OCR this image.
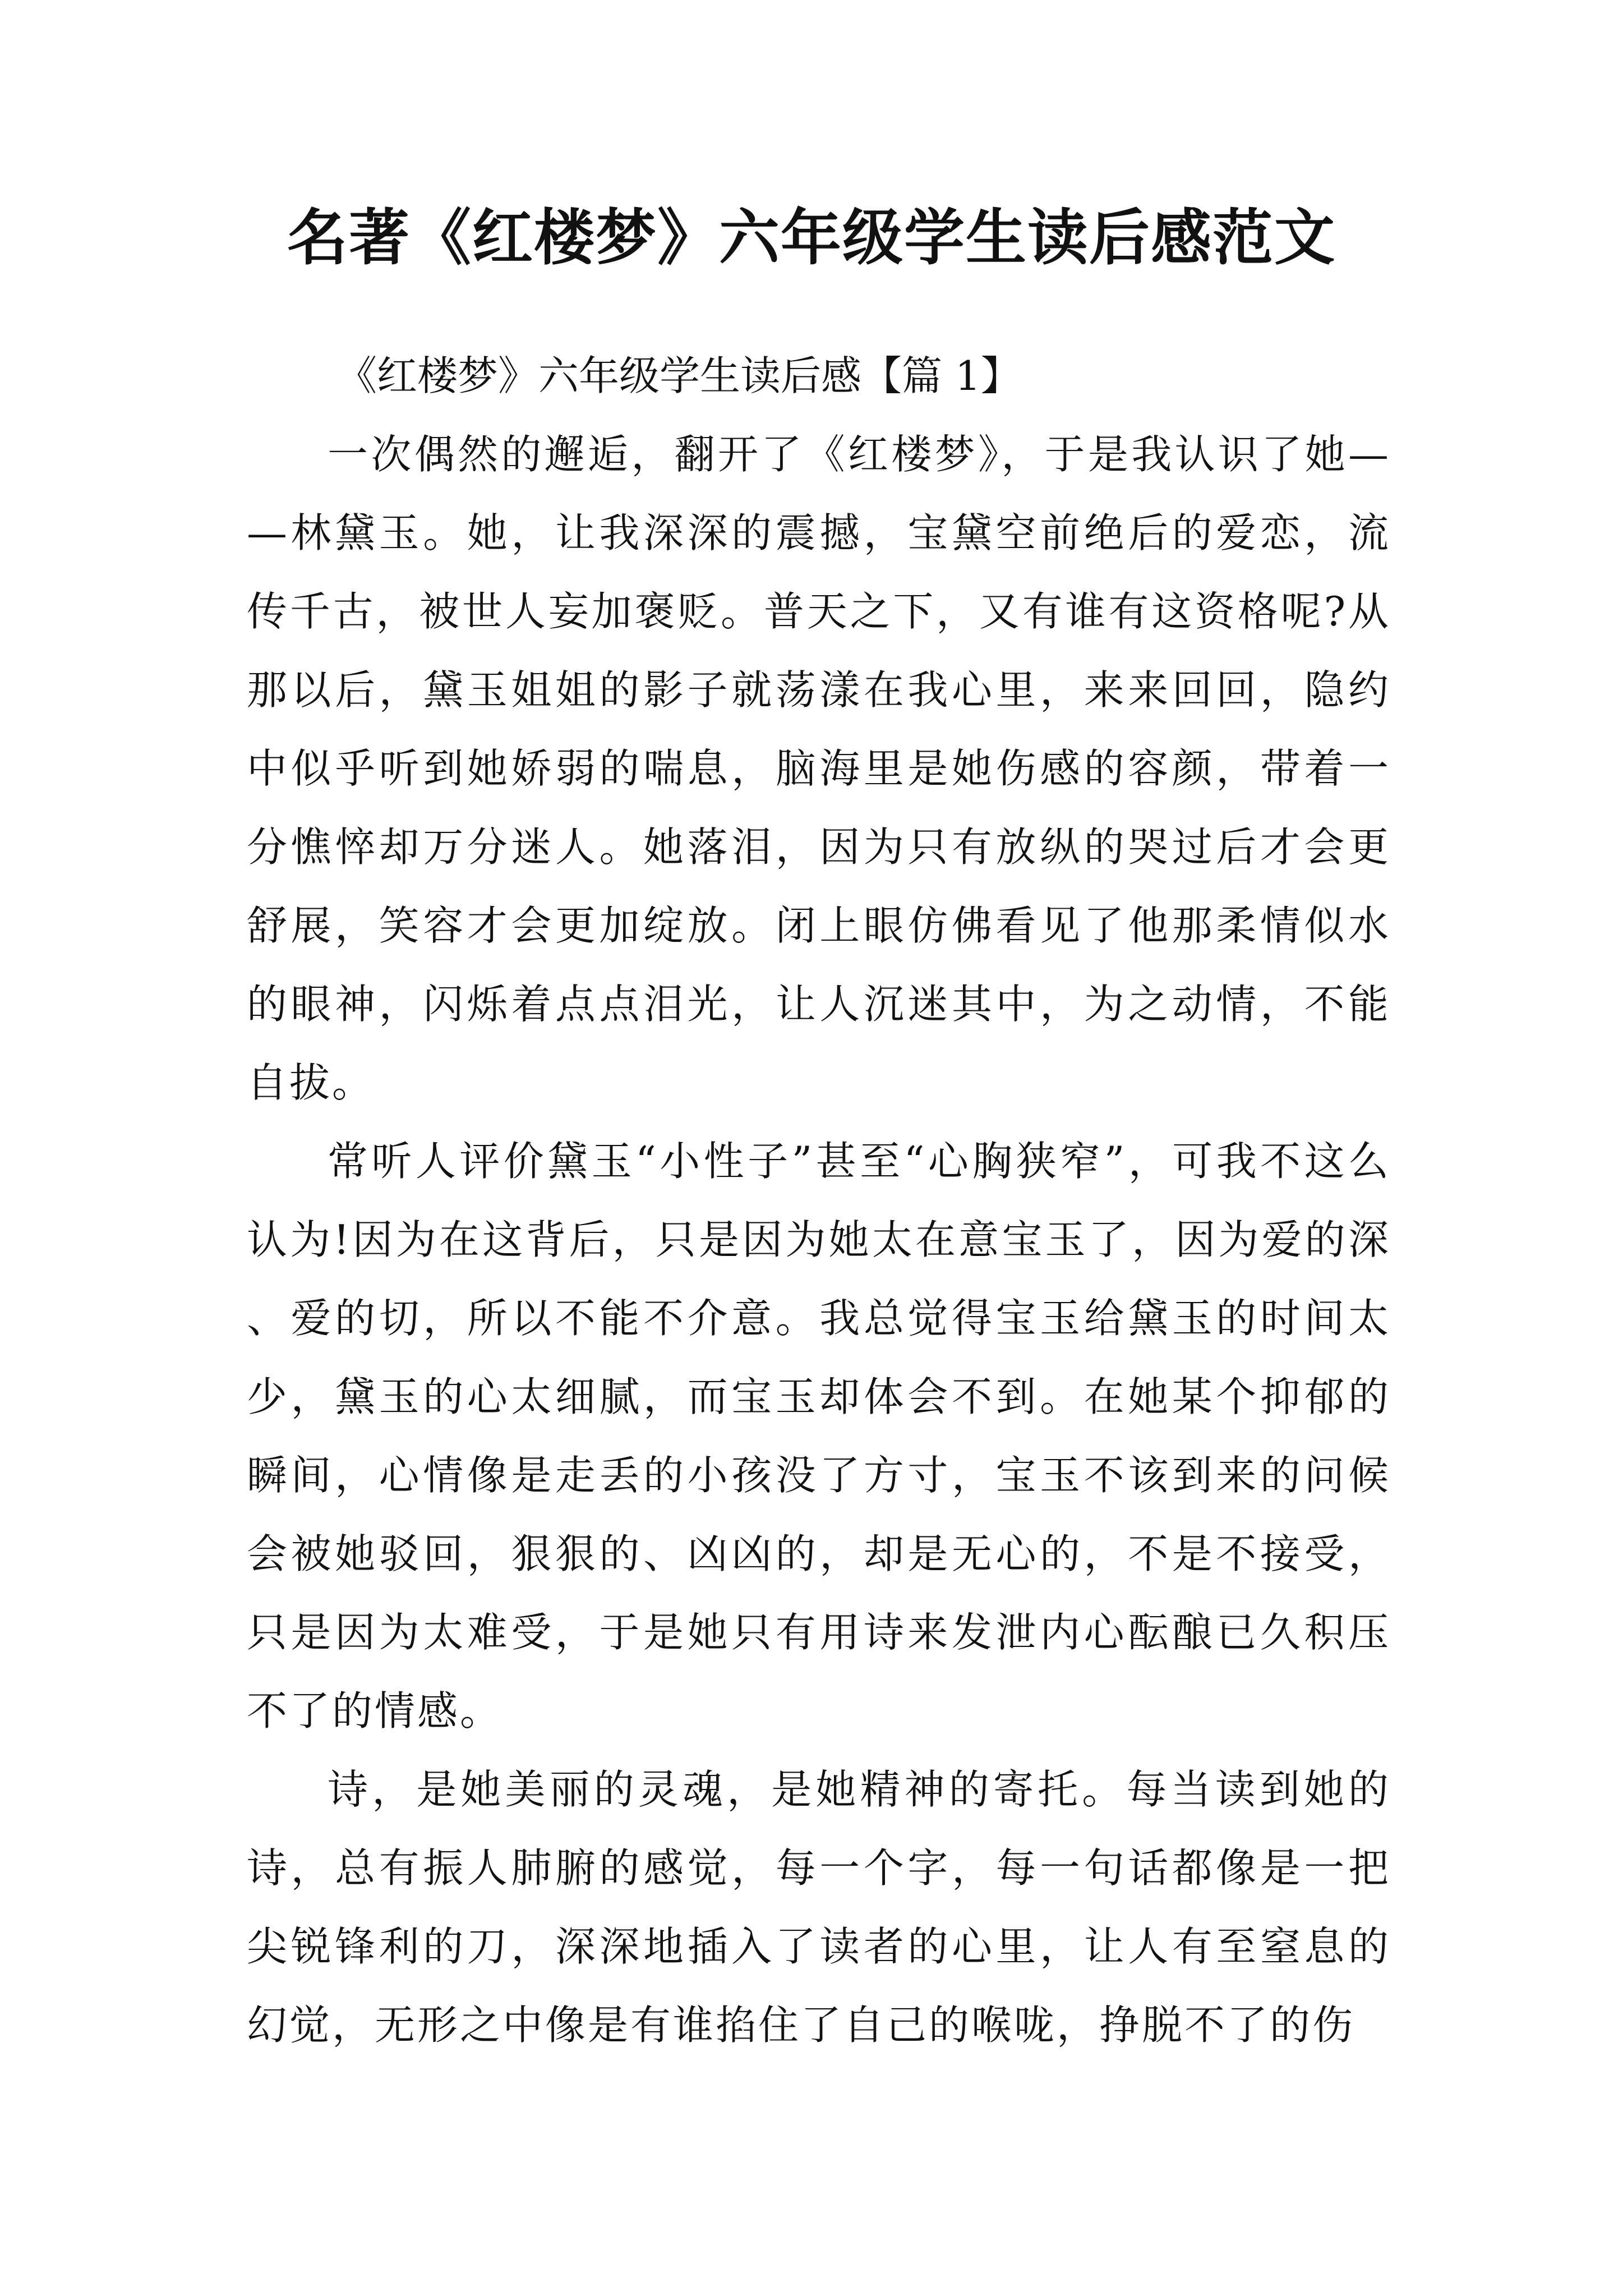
名著《红楼梦》六年级学生读后感范文
《红楼梦》六年级学生读后感【篇 1】

一次偶然的邂逅，翻开了《红楼梦》，于是我认识了她——林黛玉。她，让我深深的震撼，宝黛空前绝后的爱恋，流传千古，被世人妄加褒贬。普天之下，又有谁有这资格呢?从那以后，黛玉姐姐的影子就荡漾在我心里，来来回回，隐约中似乎听到她娇弱的喘息，脑海里是她伤感的容颜，带着一分憔悴却万分迷人。她落泪，因为只有放纵的哭过后才会更舒展，笑容才会更加绽放。闭上眼仿佛看见了他那柔情似水的眼神，闪烁着点点泪光，让人沉迷其中，为之动情，不能自拔。

常听人评价黛玉“小性子”甚至“心胸狭窄”，可我不这么认为!因为在这背后，只是因为她太在意宝玉了，因为爱的深、爱的切，所以不能不介意。我总觉得宝玉给黛玉的时间太少，黛玉的心太细腻，而宝玉却体会不到。在她某个抑郁的瞬间，心情像是走丢的小孩没了方寸，宝玉不该到来的问候会被她驳回，狠狠的、凶凶的，却是无心的，不是不接受，只是因为太难受，于是她只有用诗来发泄内心酝酿已久积压不了的情感。

诗，是她美丽的灵魂，是她精神的寄托。每当读到她的诗，总有振人肺腑的感觉，每一个字，每一句话都像是一把尖锐锋利的刀，深深地插入了读者的心里，让人有至窒息的幻觉，无形之中像是有谁掐住了自己的喉咙，挣脱不了的伤
